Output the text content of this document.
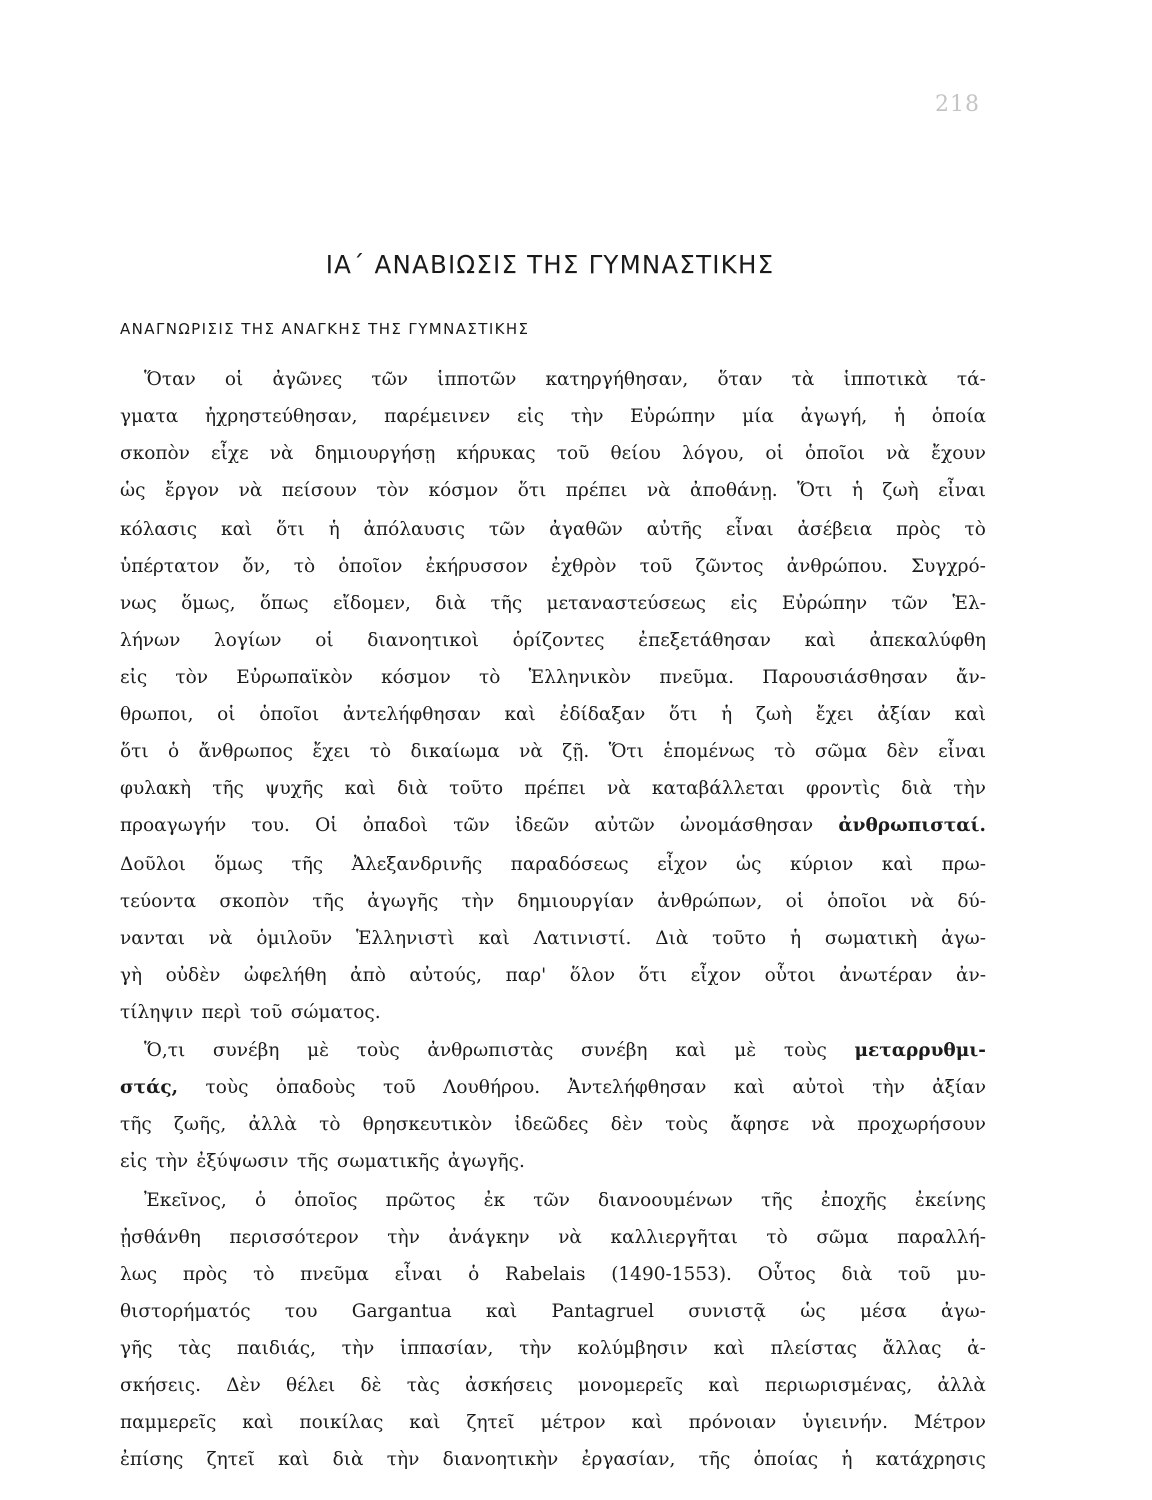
218
ΙΑ΄ ΑΝΑΒΙΩΣΙΣ ΤΗΣ ΓΥΜΝΑΣΤΙΚΗΣ
ΑΝΑΓΝΩΡΙΣΙΣ ΤΗΣ ΑΝΑΓΚΗΣ ΤΗΣ ΓΥΜΝΑΣΤΙΚΗΣ
Ὅταν οἱ ἀγῶνες τῶν ἱπποτῶν κατηργήθησαν, ὅταν τὰ ἱπποτικὰ τά-
γματα ἠχρηστεύθησαν, παρέμεινεν εἰς τὴν Εὐρώπην μία ἀγωγή, ἡ ὁποία
σκοπὸν εἶχε νὰ δημιουργήσῃ κήρυκας τοῦ θείου λόγου, οἱ ὁποῖοι νὰ ἔχουν
ὡς ἔργον νὰ πείσουν τὸν κόσμον ὅτι πρέπει νὰ ἀποθάνῃ. Ὅτι ἡ ζωὴ εἶναι
κόλασις καὶ ὅτι ἡ ἀπόλαυσις τῶν ἀγαθῶν αὐτῆς εἶναι ἀσέβεια πρὸς τὸ
ὑπέρτατον ὄν, τὸ ὁποῖον ἐκήρυσσον ἐχθρὸν τοῦ ζῶντος ἀνθρώπου. Συγχρό-
νως ὅμως, ὅπως εἴδομεν, διὰ τῆς μεταναστεύσεως εἰς Εὐρώπην τῶν Ἑλ-
λήνων λογίων οἱ διανοητικοὶ ὁρίζοντες ἐπεξετάθησαν καὶ ἀπεκαλύφθη
εἰς τὸν Εὐρωπαϊκὸν κόσμον τὸ Ἑλληνικὸν πνεῦμα. Παρουσιάσθησαν ἄν-
θρωποι, οἱ ὁποῖοι ἀντελήφθησαν καὶ ἐδίδαξαν ὅτι ἡ ζωὴ ἔχει ἀξίαν καὶ
ὅτι ὁ ἄνθρωπος ἔχει τὸ δικαίωμα νὰ ζῇ. Ὅτι ἑπομένως τὸ σῶμα δὲν εἶναι
φυλακὴ τῆς ψυχῆς καὶ διὰ τοῦτο πρέπει νὰ καταβάλλεται φροντὶς διὰ τὴν
προαγωγήν του. Οἱ ὀπαδοὶ τῶν ἰδεῶν αὐτῶν ὠνομάσθησαν ἀνθρωπισταί.
Δοῦλοι ὅμως τῆς Ἀλεξανδρινῆς παραδόσεως εἶχον ὡς κύριον καὶ πρω-
τεύοντα σκοπὸν τῆς ἀγωγῆς τὴν δημιουργίαν ἀνθρώπων, οἱ ὁποῖοι νὰ δύ-
νανται νὰ ὁμιλοῦν Ἑλληνιστὶ καὶ Λατινιστί. Διὰ τοῦτο ἡ σωματικὴ ἀγω-
γὴ οὐδὲν ὠφελήθη ἀπὸ αὐτούς, παρ' ὅλον ὅτι εἶχον οὗτοι ἀνωτέραν ἀν-
τίληψιν περὶ τοῦ σώματος.
Ὅ,τι συνέβη μὲ τοὺς ἀνθρωπιστὰς συνέβη καὶ μὲ τοὺς μεταρρυθμι-
στάς, τοὺς ὀπαδοὺς τοῦ Λουθήρου. Ἀντελήφθησαν καὶ αὐτοὶ τὴν ἀξίαν
τῆς ζωῆς, ἀλλὰ τὸ θρησκευτικὸν ἰδεῶδες δὲν τοὺς ἄφησε νὰ προχωρήσουν
εἰς τὴν ἐξύψωσιν τῆς σωματικῆς ἀγωγῆς.
Ἐκεῖνος, ὁ ὁποῖος πρῶτος ἐκ τῶν διανοουμένων τῆς ἐποχῆς ἐκείνης
ᾐσθάνθη περισσότερον τὴν ἀνάγκην νὰ καλλιεργῆται τὸ σῶμα παραλλή-
λως πρὸς τὸ πνεῦμα εἶναι ὁ Rabelais (1490-1553). Οὗτος διὰ τοῦ μυ-
θιστορήματός του Gargantua καὶ Pantagruel συνιστᾷ ὡς μέσα ἀγω-
γῆς τὰς παιδιάς, τὴν ἱππασίαν, τὴν κολύμβησιν καὶ πλείστας ἄλλας ἀ-
σκήσεις. Δὲν θέλει δὲ τὰς ἀσκήσεις μονομερεῖς καὶ περιωρισμένας, ἀλλὰ
παμμερεῖς καὶ ποικίλας καὶ ζητεῖ μέτρον καὶ πρόνοιαν ὑγιεινήν. Μέτρον
ἐπίσης ζητεῖ καὶ διὰ τὴν διανοητικὴν ἐργασίαν, τῆς ὁποίας ἡ κατάχρησις
